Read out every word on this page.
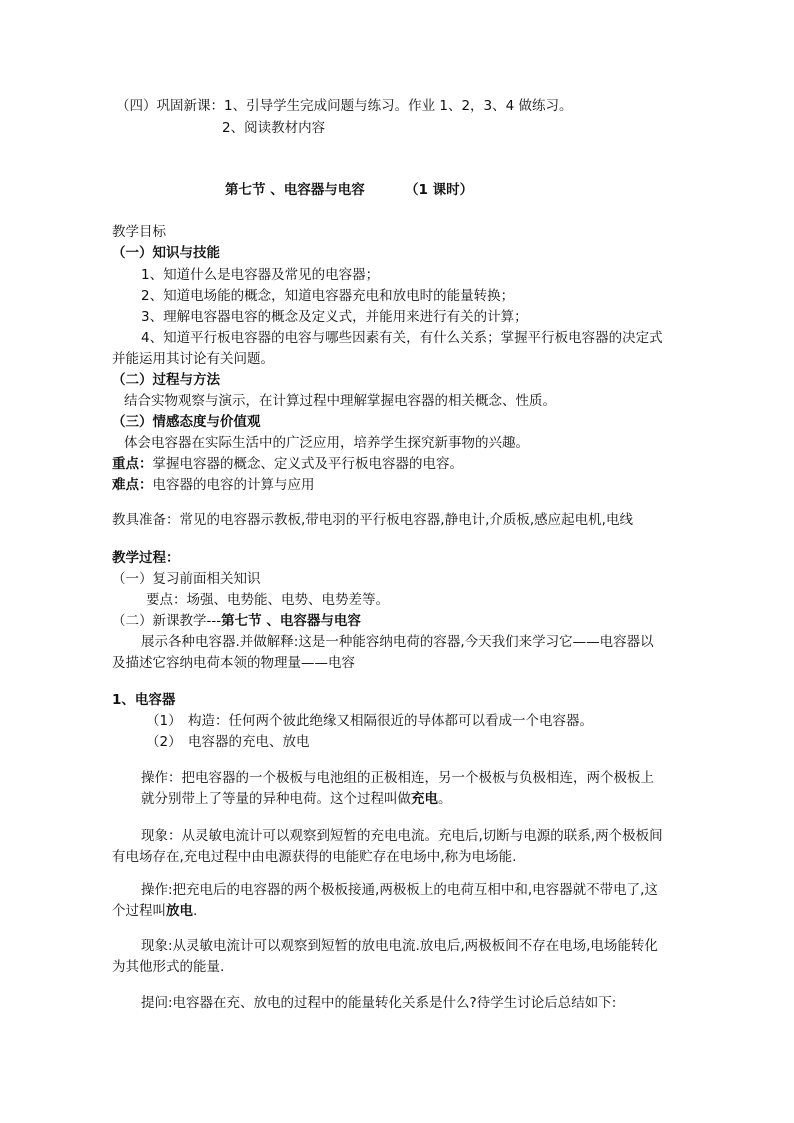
（四）巩固新课：1、引导学生完成问题与练习。作业 1、2，3、4 做练习。
2、阅读教材内容
第七节 、电容器与电容	（1 课时）
教学目标
（一）知识与技能
1、知道什么是电容器及常见的电容器；
2、知道电场能的概念，知道电容器充电和放电时的能量转换；
3、理解电容器电容的概念及定义式，并能用来进行有关的计算；
4、知道平行板电容器的电容与哪些因素有关，有什么关系；掌握平行板电容器的决定式
并能运用其讨论有关问题。
（二）过程与方法
结合实物观察与演示，在计算过程中理解掌握电容器的相关概念、性质。
（三）情感态度与价值观
体会电容器在实际生活中的广泛应用，培养学生探究新事物的兴趣。
重点：掌握电容器的概念、定义式及平行板电容器的电容。
难点：电容器的电容的计算与应用
教具准备：常见的电容器示教板,带电羽的平行板电容器,静电计,介质板,感应起电机,电线
教学过程：
（一）复习前面相关知识
要点：场强、电势能、电势、电势差等。
（二）新课教学---第七节 、电容器与电容
展示各种电容器.并做解释:这是一种能容纳电荷的容器,今天我们来学习它——电容器以
及描述它容纳电荷本领的物理量——电容
1、电容器
（1） 构造：任何两个彼此绝缘又相隔很近的导体都可以看成一个电容器。
（2） 电容器的充电、放电
操作：把电容器的一个极板与电池组的正极相连，另一个极板与负极相连，两个极板上
就分别带上了等量的异种电荷。这个过程叫做充电。
现象：从灵敏电流计可以观察到短暂的充电电流。充电后,切断与电源的联系,两个极板间
有电场存在,充电过程中由电源获得的电能贮存在电场中,称为电场能.
操作:把充电后的电容器的两个极板接通,两极板上的电荷互相中和,电容器就不带电了,这
个过程叫放电.
现象:从灵敏电流计可以观察到短暂的放电电流.放电后,两极板间不存在电场,电场能转化
为其他形式的能量.
提问:电容器在充、放电的过程中的能量转化关系是什么?待学生讨论后总结如下:
